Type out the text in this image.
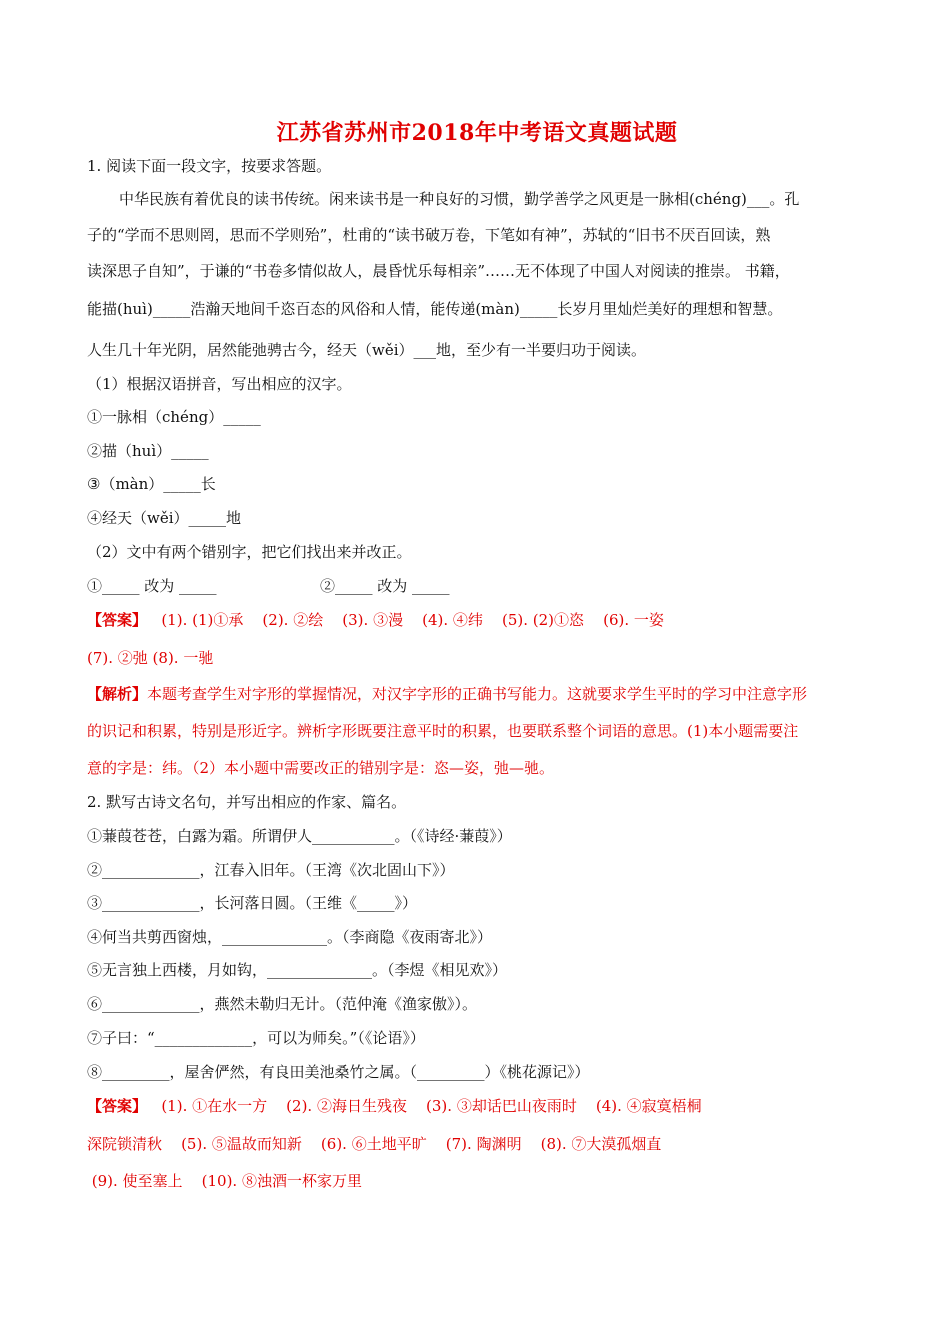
江苏省苏州市2018年中考语文真题试题
1. 阅读下面一段文字，按要求答题。
中华民族有着优良的读书传统。闲来读书是一种良好的习惯，勤学善学之风更是一脉相(chéng)___。孔
子的“学而不思则罔，思而不学则殆”，杜甫的“读书破万卷，下笔如有神”，苏轼的“旧书不厌百回读，熟
读深思子自知”，于谦的“书卷多情似故人，晨昏忧乐每相亲”……无不体现了中国人对阅读的推崇。 书籍，
能描(huì)_____浩瀚天地间千恣百态的风俗和人情，能传递(màn)_____长岁月里灿烂美好的理想和智慧。
人生几十年光阴，居然能弛骋古今，经天（wěi）___地，至少有一半要归功于阅读。
（1）根据汉语拼音，写出相应的汉字。
①一脉相（chéng）_____
②描（huì）_____
③（màn）_____长
④经天（wěi）_____地
（2）文中有两个错别字，把它们找出来并改正。
①_____ 改为 _____	②_____ 改为 _____
【答案】   (1). (1)①承    (2). ②绘    (3). ③漫    (4). ④纬    (5). (2)①恣    (6). 一姿
(7). ②弛 (8). 一驰
【解析】本题考查学生对字形的掌握情况，对汉字字形的正确书写能力。这就要求学生平时的学习中注意字形
的识记和积累，特别是形近字。辨析字形既要注意平时的积累，也要联系整个词语的意思。(1)本小题需要注
意的字是：纬。（2）本小题中需要改正的错别字是：恣—姿，弛—驰。
2. 默写古诗文名句，并写出相应的作家、篇名。
①蒹葭苍苍，白露为霜。所谓伊人___________。（《诗经·蒹葭》）
②_____________，江春入旧年。（王湾《次北固山下》）
③_____________，长河落日圆。（王维《_____》）
④何当共剪西窗烛，______________。（李商隐《夜雨寄北》）
⑤无言独上西楼，月如钩，______________。（李煜《相见欢》）
⑥_____________，燕然未勒归无计。（范仲淹《渔家傲》）。
⑦子曰：“_____________，可以为师矣。”（《论语》）
⑧_________，屋舍俨然，有良田美池桑竹之属。（_________）《桃花源记》）
【答案】   (1). ①在水一方    (2). ②海日生残夜    (3). ③却话巴山夜雨时    (4). ④寂寞梧桐
深院锁清秋    (5). ⑤温故而知新    (6). ⑥土地平旷    (7). 陶渊明    (8). ⑦大漠孤烟直
(9). 使至塞上    (10). ⑧浊酒一杯家万里
